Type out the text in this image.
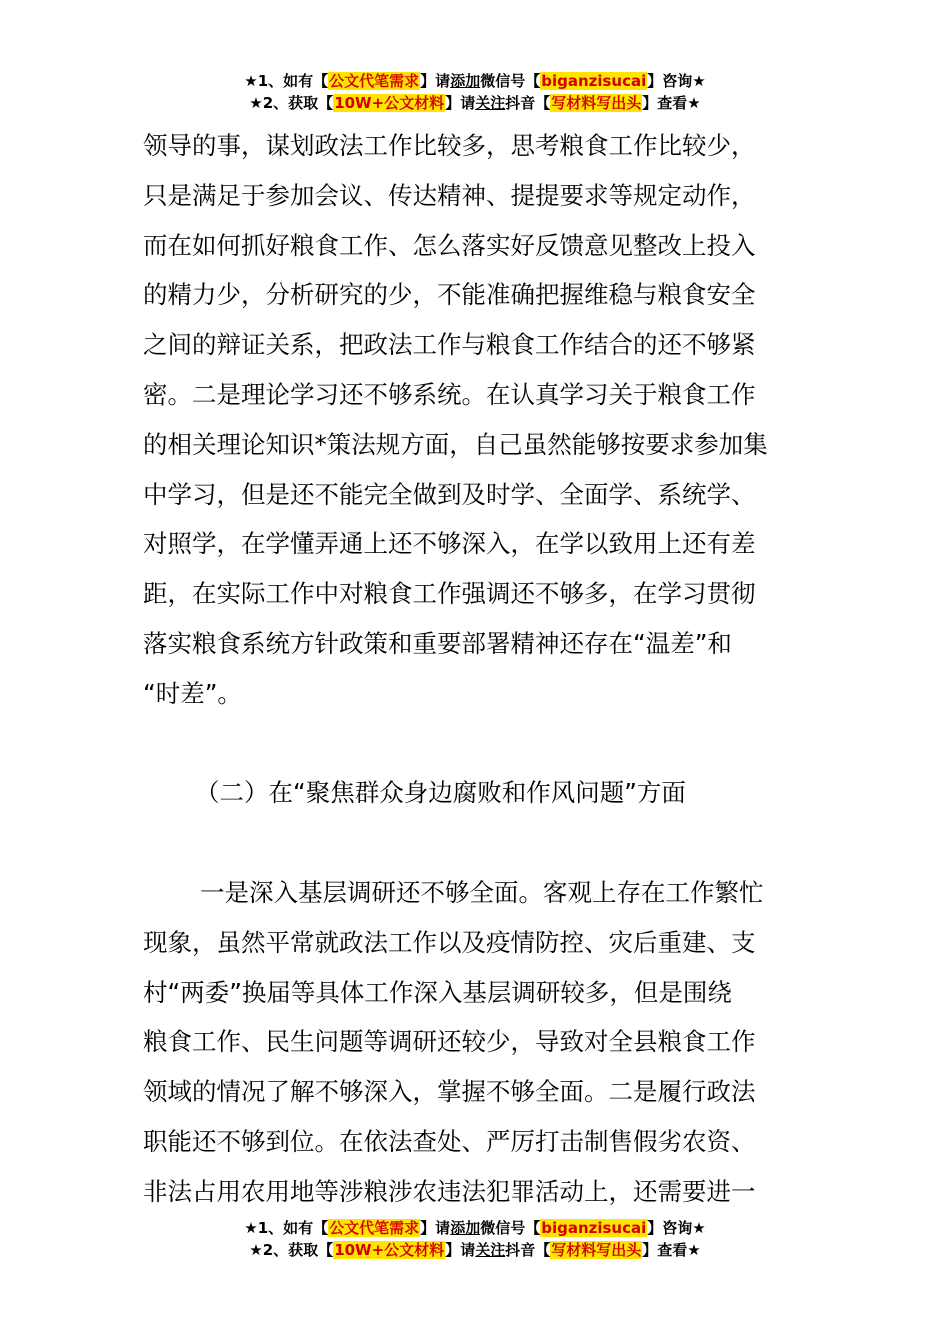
★1、如有【公文代笔需求】请添加微信号【biganzisucai】咨询★
★2、获取【10W+公文材料】请关注抖音【写材料写出头】查看★

领导的事，谋划政法工作比较多，思考粮食工作比较少，

只是满足于参加会议、传达精神、提提要求等规定动作，

而在如何抓好粮食工作、怎么落实好反馈意见整改上投入

的精力少，分析研究的少，不能准确把握维稳与粮食安全

之间的辩证关系，把政法工作与粮食工作结合的还不够紧

密。二是理论学习还不够系统。在认真学习关于粮食工作

的相关理论知识*策法规方面，自己虽然能够按要求参加集

中学习，但是还不能完全做到及时学、全面学、系统学、

对照学，在学懂弄通上还不够深入，在学以致用上还有差

距，在实际工作中对粮食工作强调还不够多，在学习贯彻

落实粮食系统方针政策和重要部署精神还存在“温差”和

“时差”。

（二）在“聚焦群众身边腐败和作风问题”方面

一是深入基层调研还不够全面。客观上存在工作繁忙

现象，虽然平常就政法工作以及疫情防控、灾后重建、支

村“两委”换届等具体工作深入基层调研较多，但是围绕

粮食工作、民生问题等调研还较少，导致对全县粮食工作

领域的情况了解不够深入，掌握不够全面。二是履行政法

职能还不够到位。在依法查处、严厉打击制售假劣农资、

非法占用农用地等涉粮涉农违法犯罪活动上，还需要进一

★1、如有【公文代笔需求】请添加微信号【biganzisucai】咨询★
★2、获取【10W+公文材料】请关注抖音【写材料写出头】查看★
